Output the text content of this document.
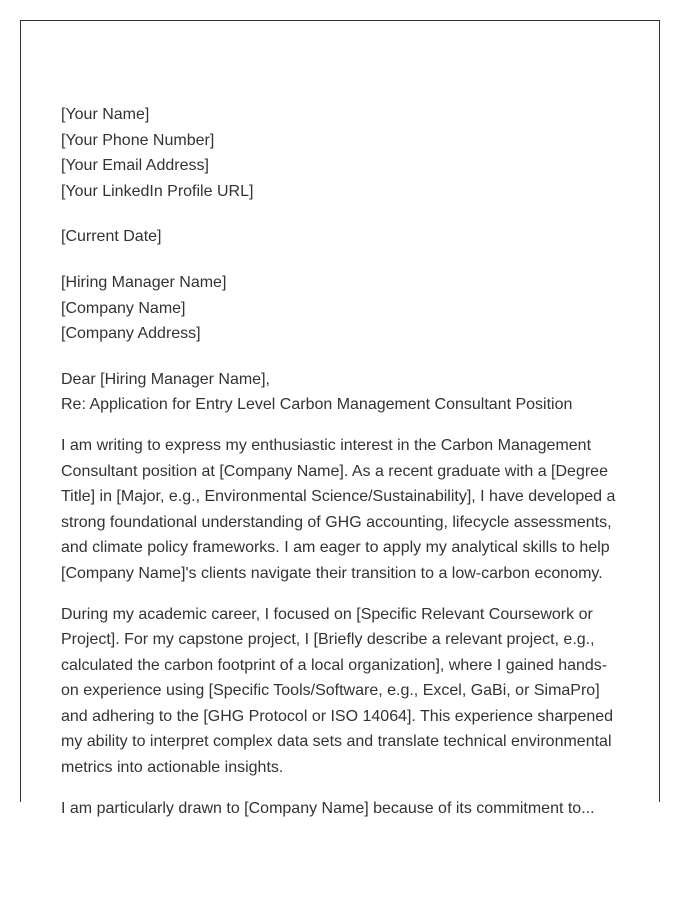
[Your Name]

[Your Phone Number]

[Your Email Address]

[Your LinkedIn Profile URL]

[Current Date]

[Hiring Manager Name]

[Company Name]

[Company Address]

Dear [Hiring Manager Name],

Re: Application for Entry Level Carbon Management Consultant Position

I am writing to express my enthusiastic interest in the Carbon Management Consultant position at [Company Name]. As a recent graduate with a [Degree Title] in [Major, e.g., Environmental Science/Sustainability], I have developed a strong foundational understanding of GHG accounting, lifecycle assessments, and climate policy frameworks. I am eager to apply my analytical skills to help [Company Name]'s clients navigate their transition to a low-carbon economy.

During my academic career, I focused on [Specific Relevant Coursework or Project]. For my capstone project, I [Briefly describe a relevant project, e.g., calculated the carbon footprint of a local organization], where I gained hands-on experience using [Specific Tools/Software, e.g., Excel, GaBi, or SimaPro] and adhering to the [GHG Protocol or ISO 14064]. This experience sharpened my ability to interpret complex data sets and translate technical environmental metrics into actionable insights.

I am particularly drawn to [Company Name] because of its commitment to...
